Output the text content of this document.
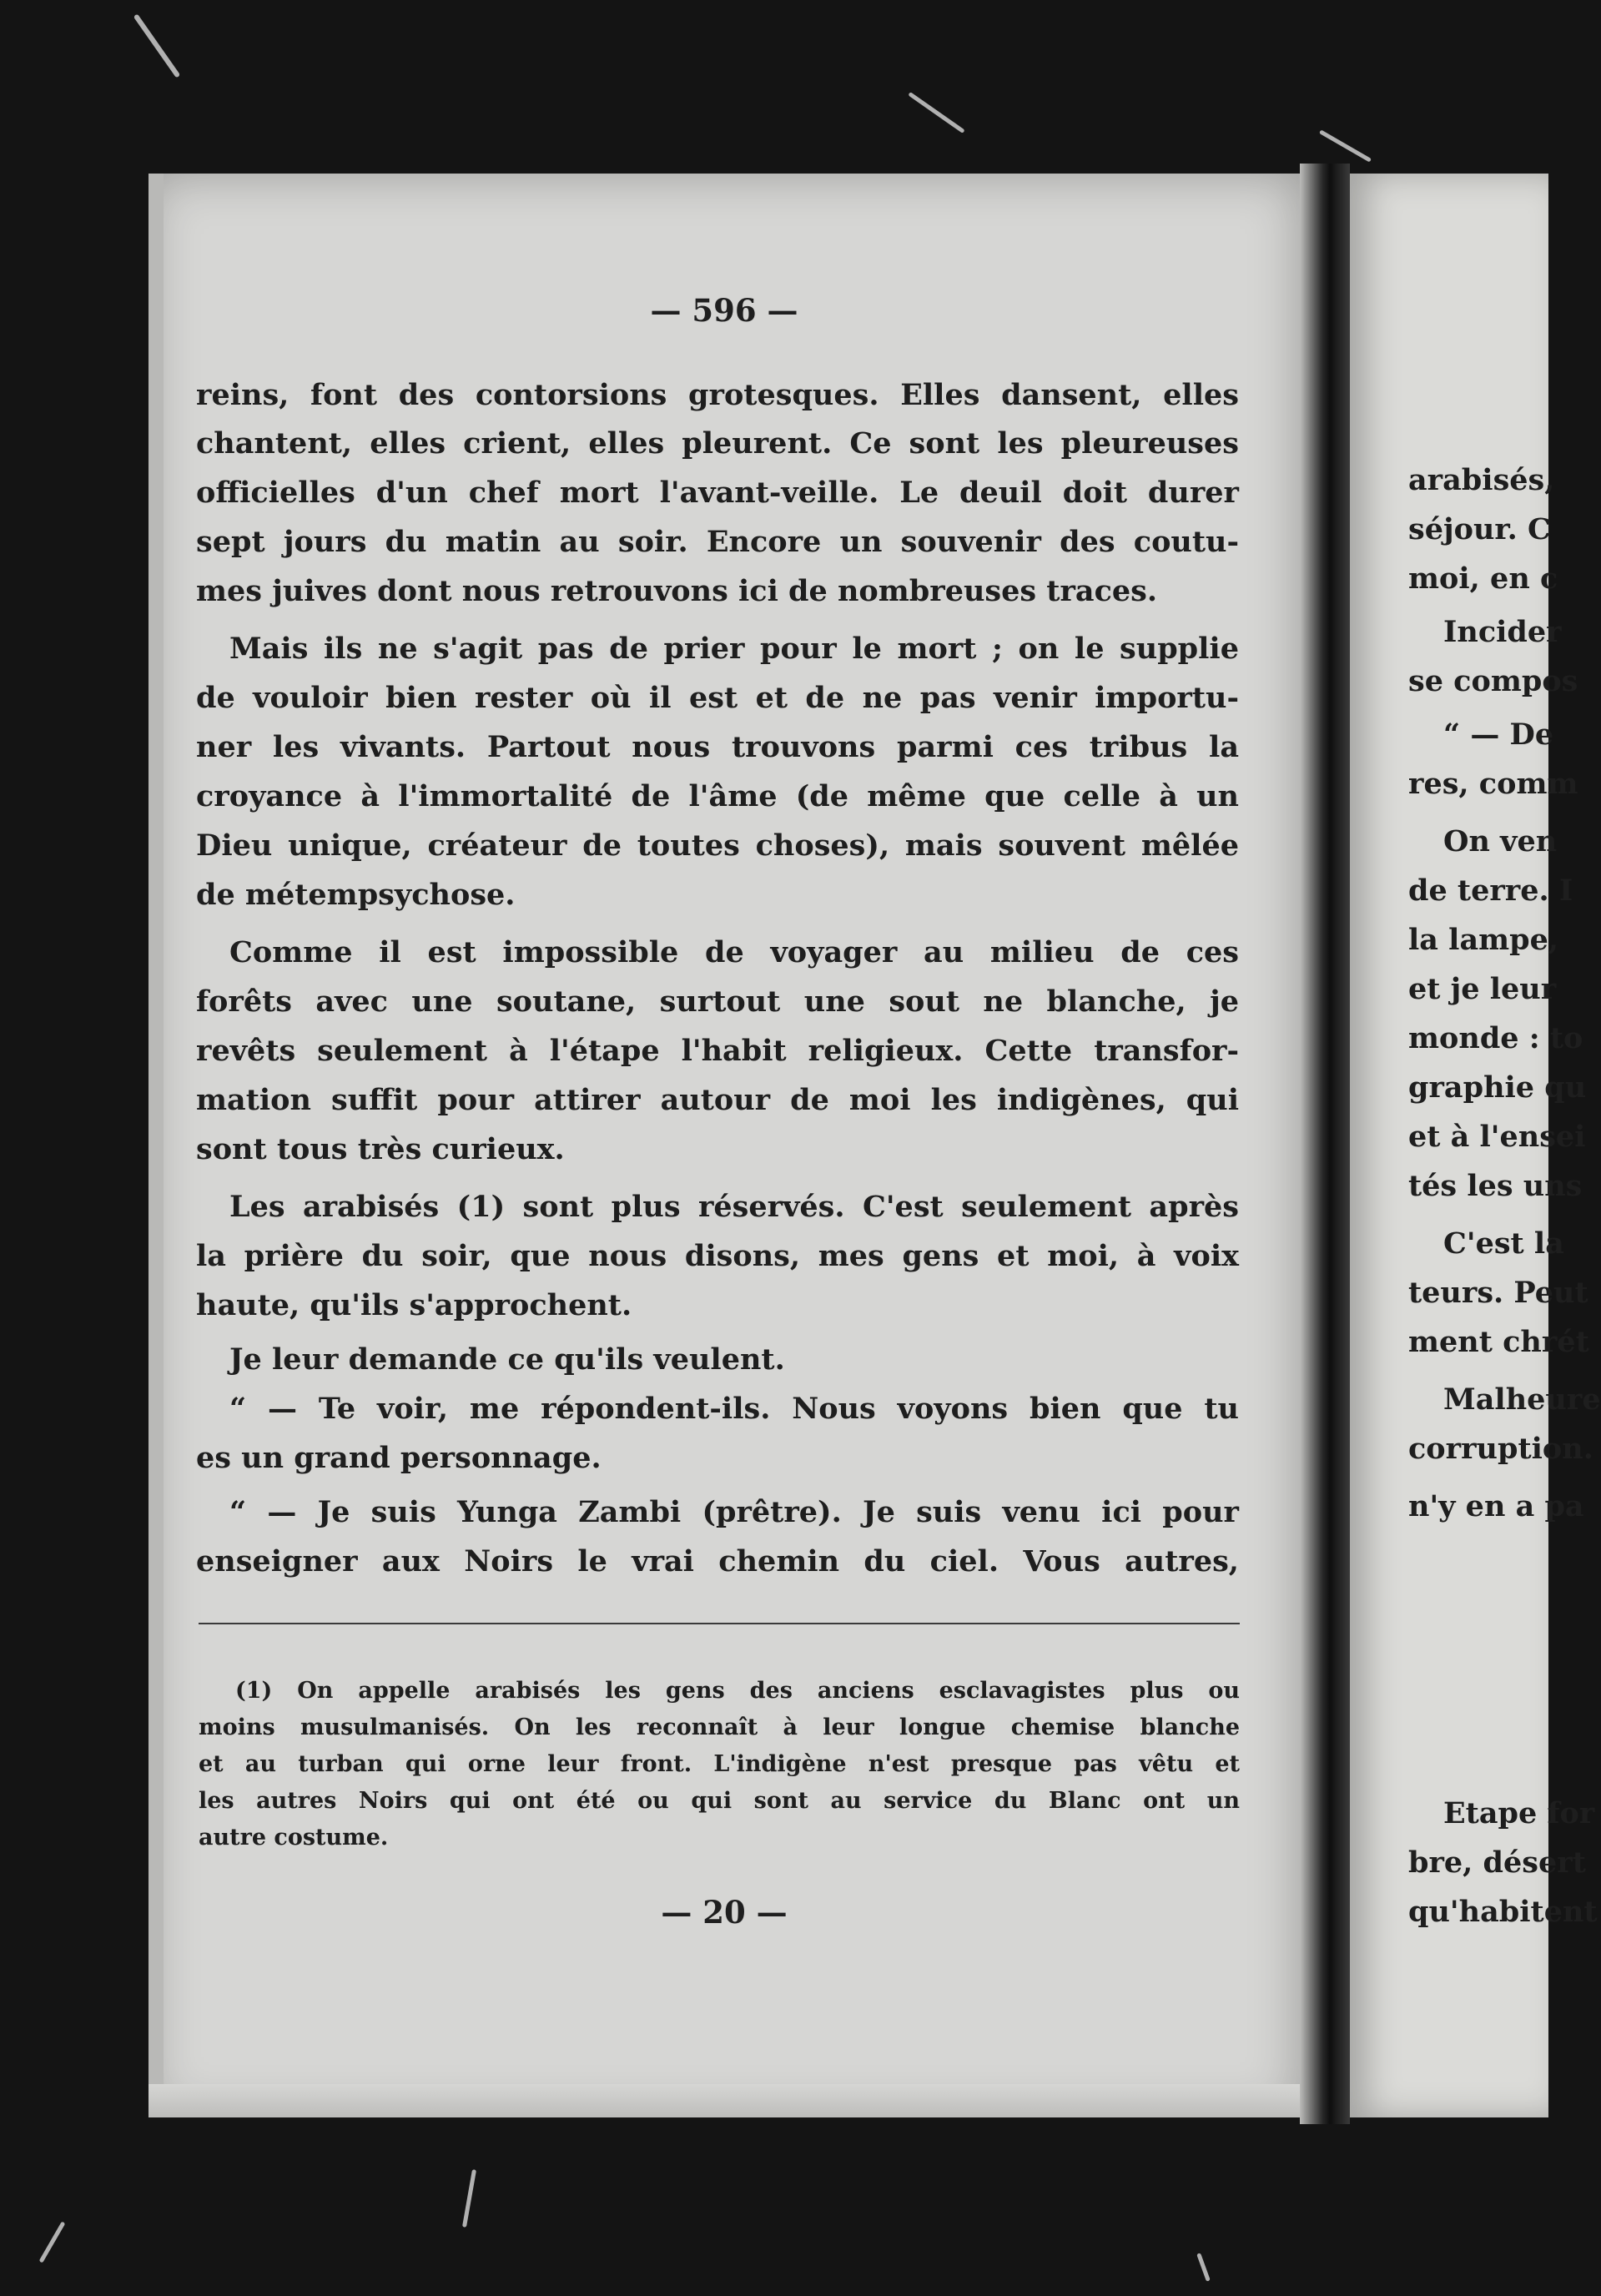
— 596 —
reins, font des contorsions grotesques. Elles dansent, elles
chantent, elles crient, elles pleurent. Ce sont les pleureuses
officielles d'un chef mort l'avant-veille. Le deuil doit durer
sept jours du matin au soir. Encore un souvenir des coutu-
mes juives dont nous retrouvons ici de nombreuses traces.
Mais ils ne s'agit pas de prier pour le mort ; on le supplie
de vouloir bien rester où il est et de ne pas venir importu-
ner les vivants. Partout nous trouvons parmi ces tribus la
croyance à l'immortalité de l'âme (de même que celle à un
Dieu unique, créateur de toutes choses), mais souvent mêlée
de métempsychose.
Comme il est impossible de voyager au milieu de ces
forêts avec une soutane, surtout une sout ne blanche, je
revêts seulement à l'étape l'habit religieux. Cette transfor-
mation suffit pour attirer autour de moi les indigènes, qui
sont tous très curieux.
Les arabisés (1) sont plus réservés. C'est seulement après
la prière du soir, que nous disons, mes gens et moi, à voix
haute, qu'ils s'approchent.
Je leur demande ce qu'ils veulent.
“ — Te voir, me répondent-ils. Nous voyons bien que tu
es un grand personnage.
“ — Je suis Yunga Zambi (prêtre). Je suis venu ici pour
enseigner aux Noirs le vrai chemin du ciel. Vous autres,
(1) On appelle arabisés les gens des anciens esclavagistes plus ou
moins musulmanisés. On les reconnaît à leur longue chemise blanche
et au turban qui orne leur front. L'indigène n'est presque pas vêtu et
les autres Noirs qui ont été ou qui sont au service du Blanc ont un
autre costume.
— 20 —
arabisés,
séjour. C
moi, en c
Incider
se compos
“ — De
res, comm
On ven
de terre. I
la lampe,
et je leur
monde : to
graphie qu
et à l'ensei
tés les uns
C'est la
teurs. Peut
ment chrét
Malheure
corruption.
n'y en a pa
Etape for
bre, désert
qu'habitent
